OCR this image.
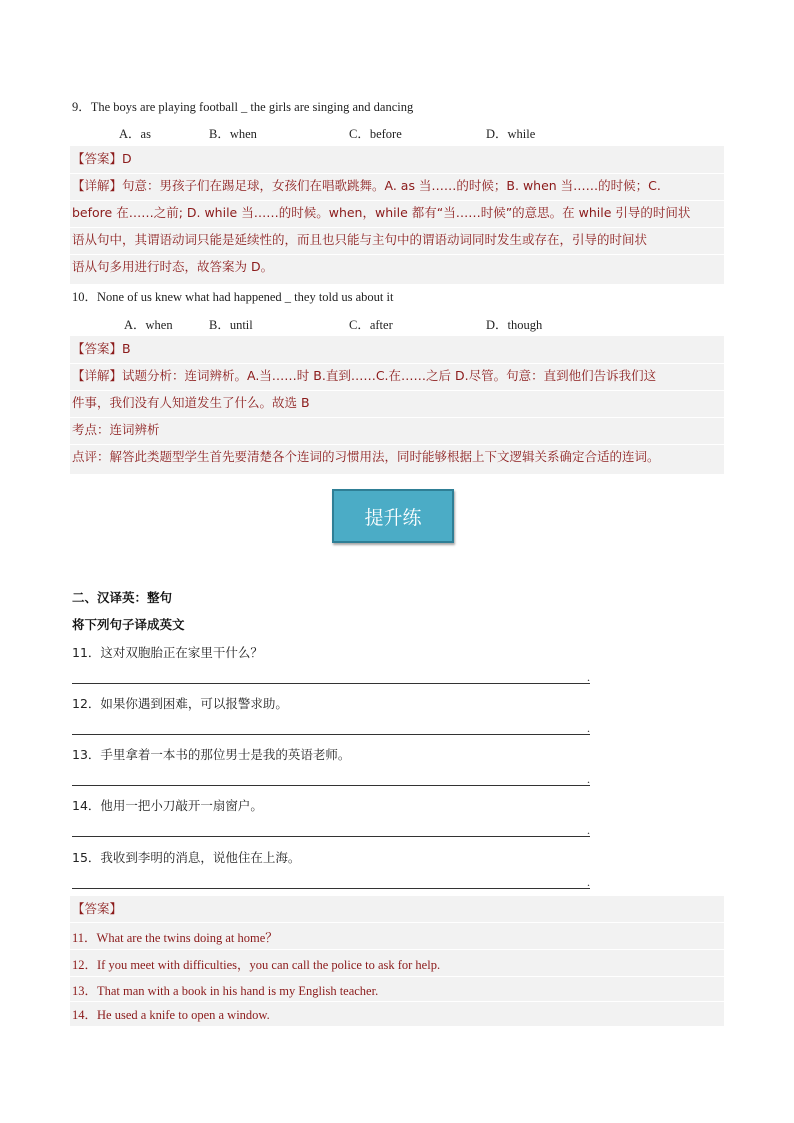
9．The boys are playing football _ the girls are singing and dancing
A．as	B．when	C．before	D．while
【答案】D
【详解】句意：男孩子们在踢足球，女孩们在唱歌跳舞。A. as 当……的时候；B. when 当……的时候；C.
before 在……之前; D. while 当……的时候。when，while 都有“当……时候”的意思。在 while 引导的时间状
语从句中，其谓语动词只能是延续性的，而且也只能与主句中的谓语动词同时发生或存在，引导的时间状
语从句多用进行时态，故答案为 D。
10．None of us knew what had happened _ they told us about it
A．when	B．until	C．after	D．though
【答案】B
【详解】试题分析：连词辨析。A.当……时 B.直到……C.在……之后 D.尽管。句意：直到他们告诉我们这
件事，我们没有人知道发生了什么。故选 B
考点：连词辨析
点评：解答此类题型学生首先要清楚各个连词的习惯用法，同时能够根据上下文逻辑关系确定合适的连词。
提升练
二、汉译英：整句
将下列句子译成英文
11．这对双胞胎正在家里干什么？
.
12．如果你遇到困难，可以报警求助。
.
13．手里拿着一本书的那位男士是我的英语老师。
.
14．他用一把小刀敲开一扇窗户。
.
15．我收到李明的消息，说他住在上海。
.
【答案】
11．What are the twins doing at home？
12．If you meet with difficulties，you can call the police to ask for help.
13．That man with a book in his hand is my English teacher.
14．He used a knife to open a window.
